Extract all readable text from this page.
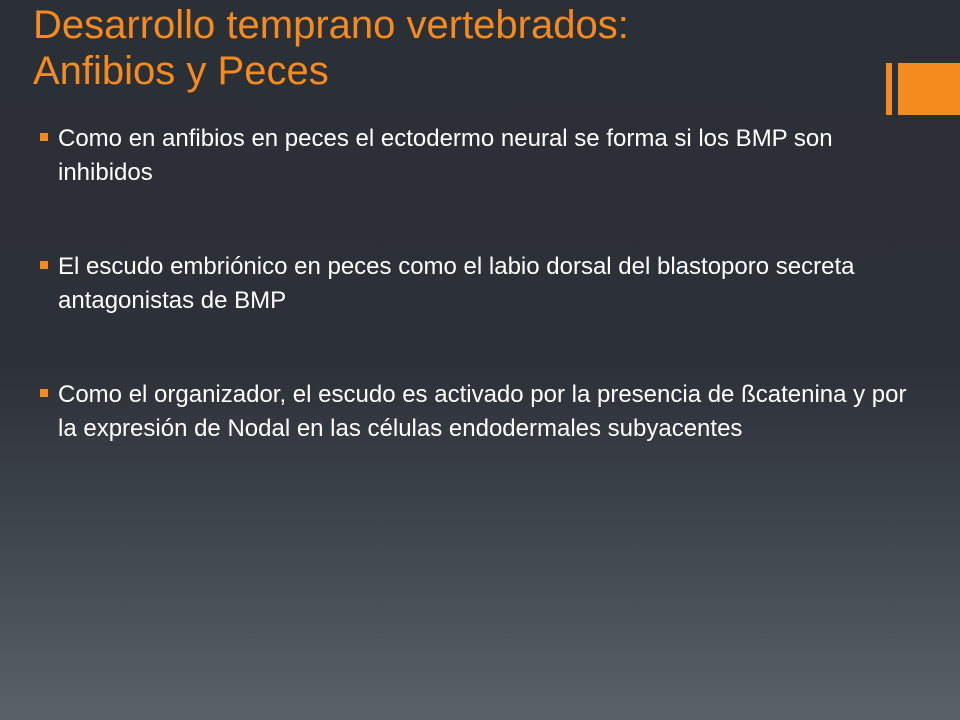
Desarrollo temprano vertebrados:
Anfibios y Peces
Como en anfibios en peces el ectodermo neural se forma si los BMP son inhibidos
El escudo embriónico en peces como el labio dorsal del blastoporo secreta antagonistas de BMP
Como el organizador, el escudo es activado por la presencia de ßcatenina y por la expresión de Nodal en las células endodermales subyacentes
